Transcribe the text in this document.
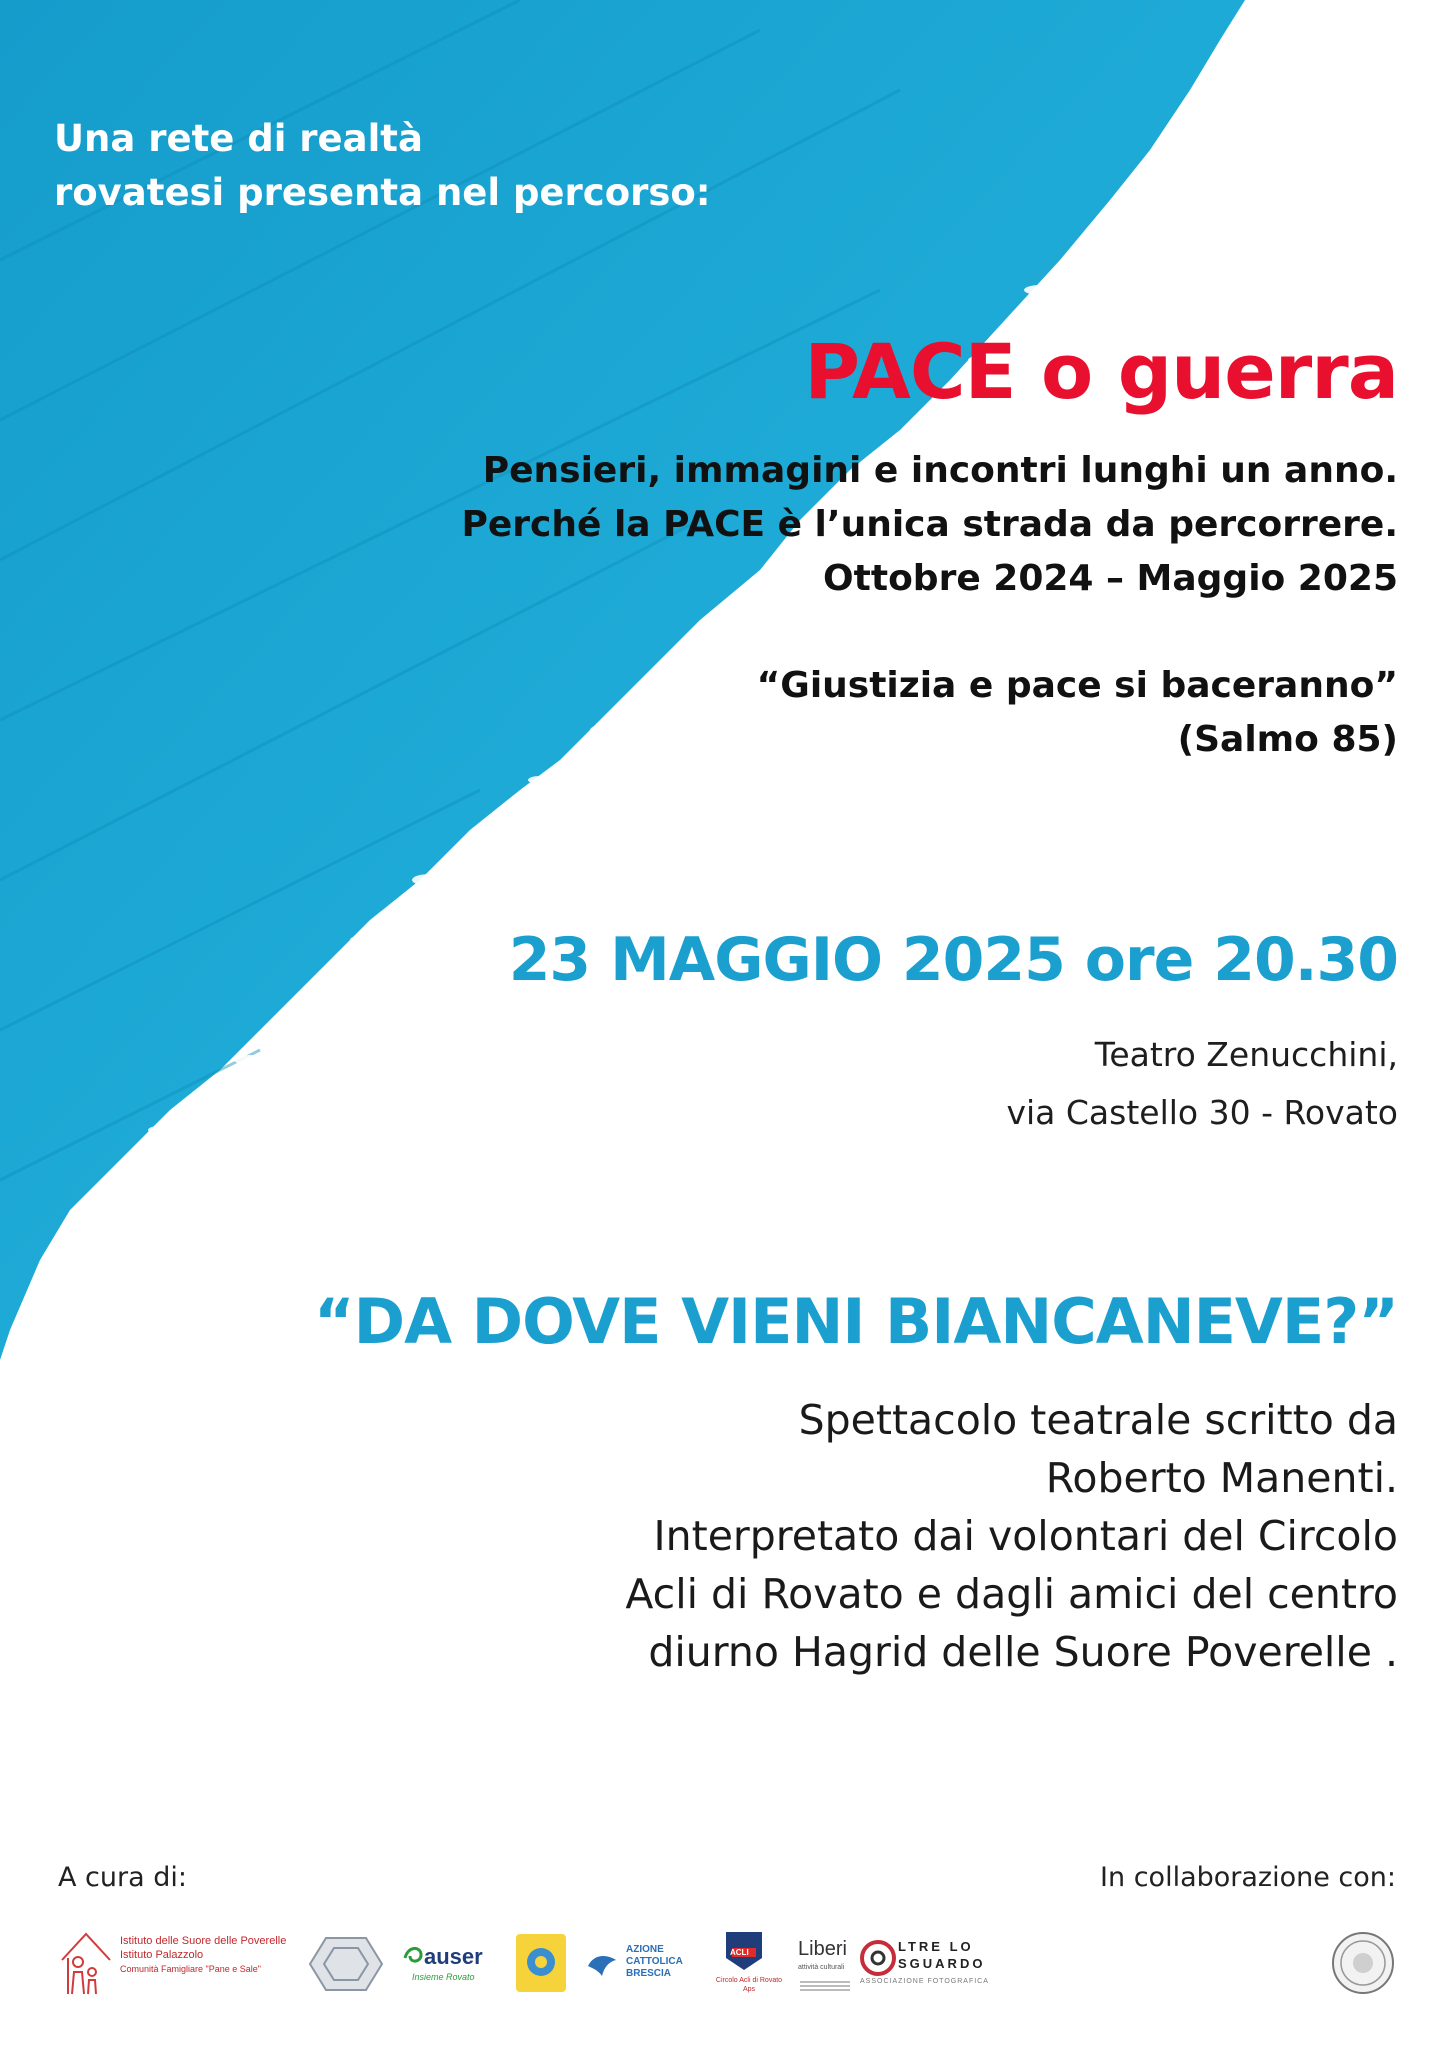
Una rete di realtà
rovatesi presenta nel percorso:
PACE o guerra
Pensieri, immagini e incontri lunghi un anno.
Perché la PACE è l’unica strada da percorrere.
Ottobre 2024 – Maggio 2025
“Giustizia e pace si baceranno”
(Salmo 85)
23 MAGGIO 2025 ore 20.30
Teatro Zenucchini,
via Castello 30 - Rovato
“DA DOVE VIENI BIANCANEVE?”
Spettacolo teatrale scritto da
Roberto Manenti.
Interpretato dai volontari del Circolo
Acli di Rovato e dagli amici del centro
diurno Hagrid delle Suore Poverelle .
A cura di:	In collaborazione con:
Istituto delle Suore delle Poverelle
Istituto Palazzolo
Comunità Famigliare "Pane e Sale"	auser
Insieme Rovato
AZIONE
CATTOLICA
BRESCIA
ACLI
Circolo Acli di Rovato Aps
Liberi
attività culturali
LTRE LO
SGUARDO
ASSOCIAZIONE FOTOGRAFICA
